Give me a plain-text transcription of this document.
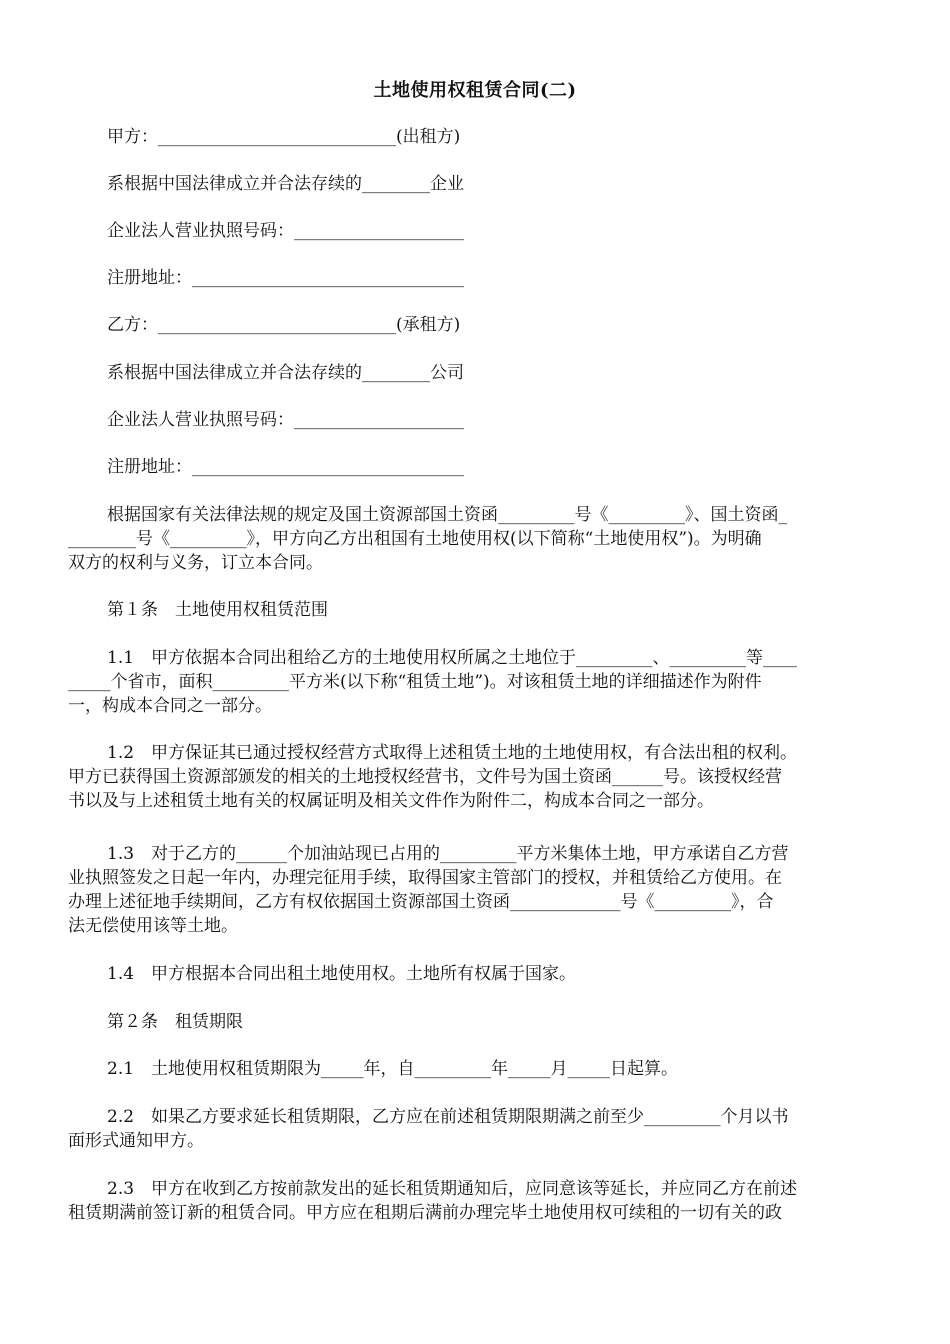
土地使用权租赁合同(二)
甲方：____________________________(出租方)
系根据中国法律成立并合法存续的________企业
企业法人营业执照号码：____________________
注册地址：________________________________
乙方：____________________________(承租方)
系根据中国法律成立并合法存续的________公司
企业法人营业执照号码：____________________
注册地址：________________________________
根据国家有关法律法规的规定及国土资源部国土资函_________号《_________》、国土资函_
________号《_________》，甲方向乙方出租国有土地使用权(以下简称“土地使用权”)。为明确
双方的权利与义务，订立本合同。
第１条　土地使用权租赁范围
1.1　甲方依据本合同出租给乙方的土地使用权所属之土地位于_________、_________等____
_____个省市，面积_________平方米(以下称“租赁土地”)。对该租赁土地的详细描述作为附件
一，构成本合同之一部分。
1.2　甲方保证其已通过授权经营方式取得上述租赁土地的土地使用权，有合法出租的权利。
甲方已获得国土资源部颁发的相关的土地授权经营书，文件号为国土资函______号。该授权经营
书以及与上述租赁土地有关的权属证明及相关文件作为附件二，构成本合同之一部分。
1.3　对于乙方的______个加油站现已占用的_________平方米集体土地，甲方承诺自乙方营
业执照签发之日起一年内，办理完征用手续，取得国家主管部门的授权，并租赁给乙方使用。在
办理上述征地手续期间，乙方有权依据国土资源部国土资函_____________号《_________》，合
法无偿使用该等土地。
1.4　甲方根据本合同出租土地使用权。土地所有权属于国家。
第２条　租赁期限
2.1　土地使用权租赁期限为_____年，自_________年_____月_____日起算。
2.2　如果乙方要求延长租赁期限，乙方应在前述租赁期限期满之前至少_________个月以书
面形式通知甲方。
2.3　甲方在收到乙方按前款发出的延长租赁期通知后，应同意该等延长，并应同乙方在前述
租赁期满前签订新的租赁合同。甲方应在租期后满前办理完毕土地使用权可续租的一切有关的政
